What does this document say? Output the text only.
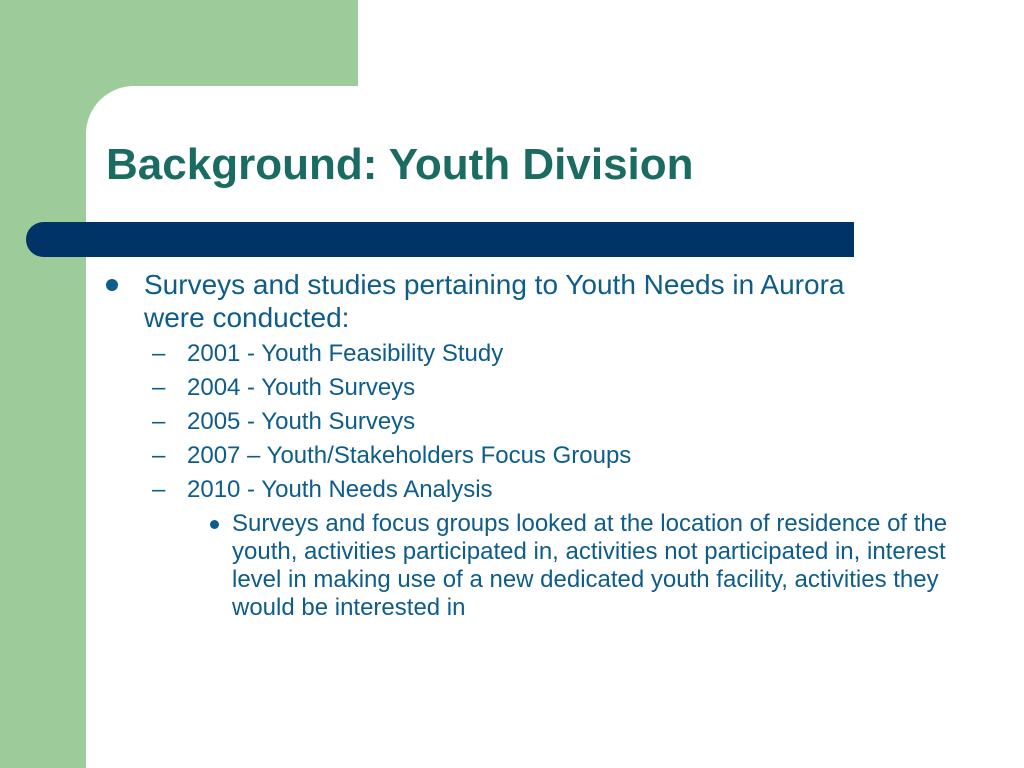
Background: Youth Division
Surveys and studies pertaining to Youth Needs in Aurora were conducted:
– 2001 - Youth Feasibility Study
– 2004 - Youth Surveys
– 2005 - Youth Surveys
– 2007 – Youth/Stakeholders Focus Groups
– 2010 - Youth Needs Analysis
Surveys and focus groups looked at the location of residence of the youth, activities participated in, activities not participated in, interest level in making use of a new dedicated youth facility, activities they would be interested in
